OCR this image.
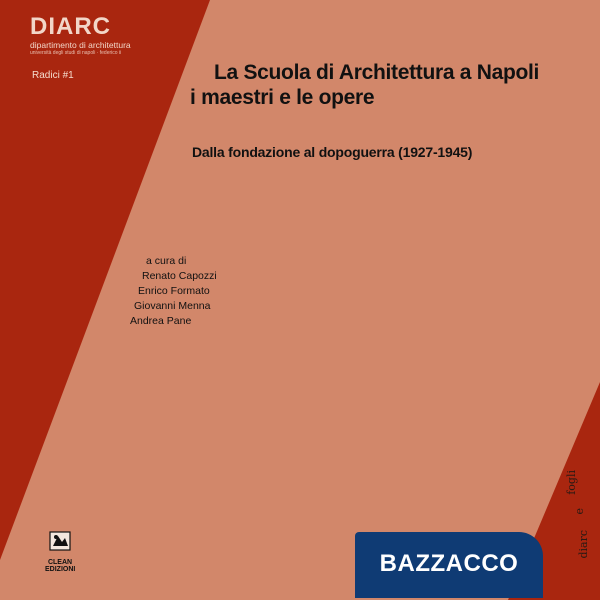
DIARC
dipartimento di architettura
università degli studi di napoli · federico ii
Radici #1	La Scuola di Architettura a Napoli
i maestri e le opere
Dalla fondazione al dopoguerra (1927-1945)
a cura di
Renato Capozzi
Enrico Formato
Giovanni Menna
Andrea Pane
fogli
e
diarc
CLEAN
EDIZIONI	BAZZACCO
